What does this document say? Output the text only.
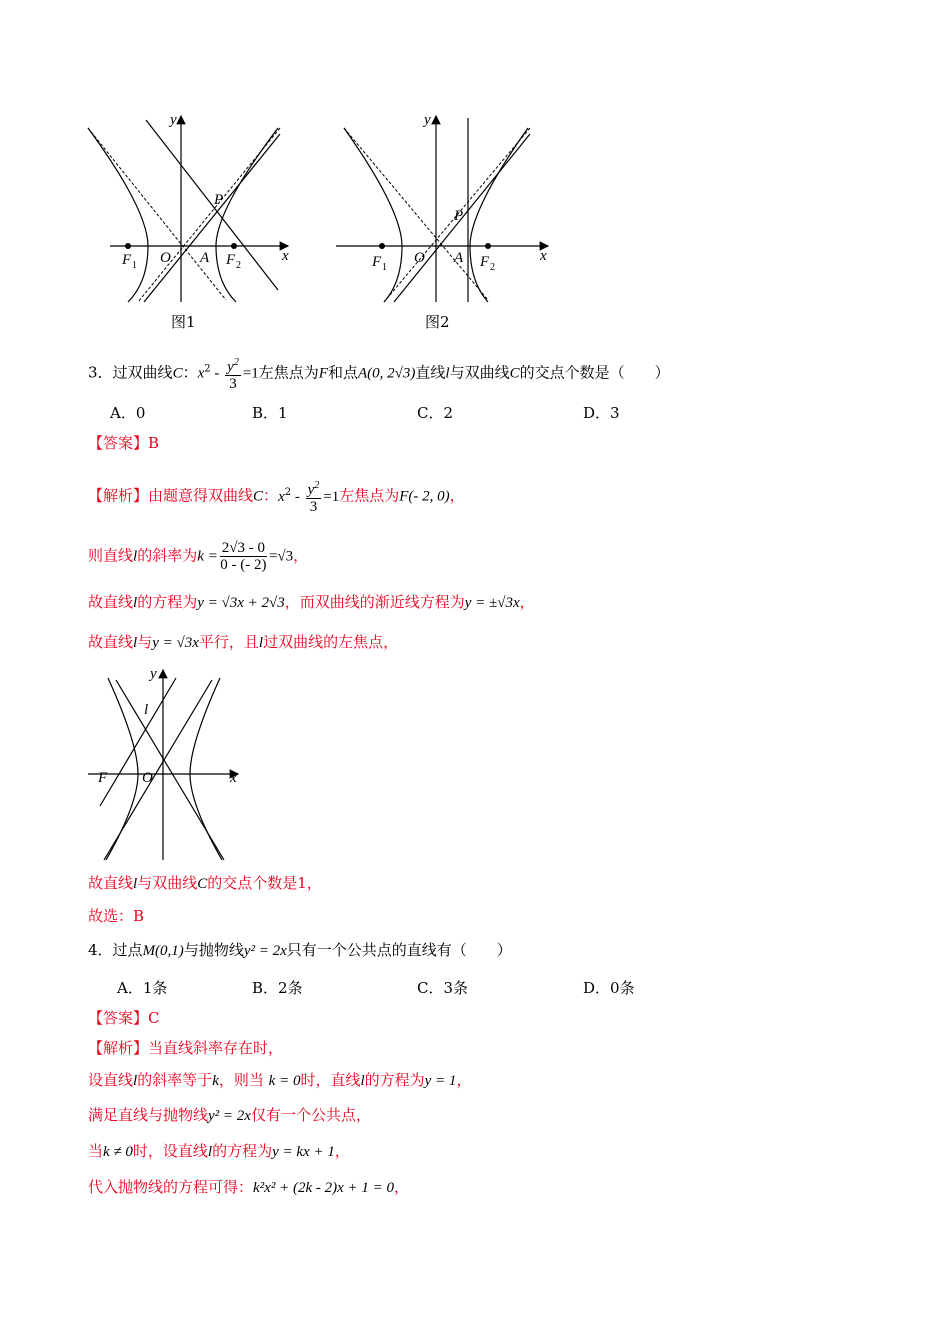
y
x
O A
P
F 1	F 2
图1
y
x
O A
P
F 1	F 2
图2
3．过双曲线C：$x^2 - \frac{y^2}{3} =1$左焦点为F和点A(0, 2√3)直线l与双曲线C的交点个数是（　　）
A．0	B．1	C．2	D．3
【答案】B
【解析】由题意得双曲线C：$x^2 - \frac{y^2}{3} =1$左焦点为F(- 2, 0)，
则直线l的斜率为$k = \frac{2√3 - 0}{0 - (- 2)} =√3$，
故直线l的方程为y = √3x + 2√3，而双曲线的渐近线方程为y = ±√3x，
故直线l与y = √3x平行，且l过双曲线的左焦点，
y
x
O
F
l
故直线l与双曲线C的交点个数是1，
故选：B
4．过点M(0,1)与抛物线y² = 2x只有一个公共点的直线有（　　）
A．1条	B．2条	C．3条	D．0条
【答案】C
【解析】当直线斜率存在时，
设直线l的斜率等于k，则当 k = 0时，直线l的方程为y = 1，
满足直线与抛物线y² = 2x仅有一个公共点，
当k ≠ 0时，设直线l的方程为y = kx + 1，
代入抛物线的方程可得：k²x² + (2k - 2)x + 1 = 0，
